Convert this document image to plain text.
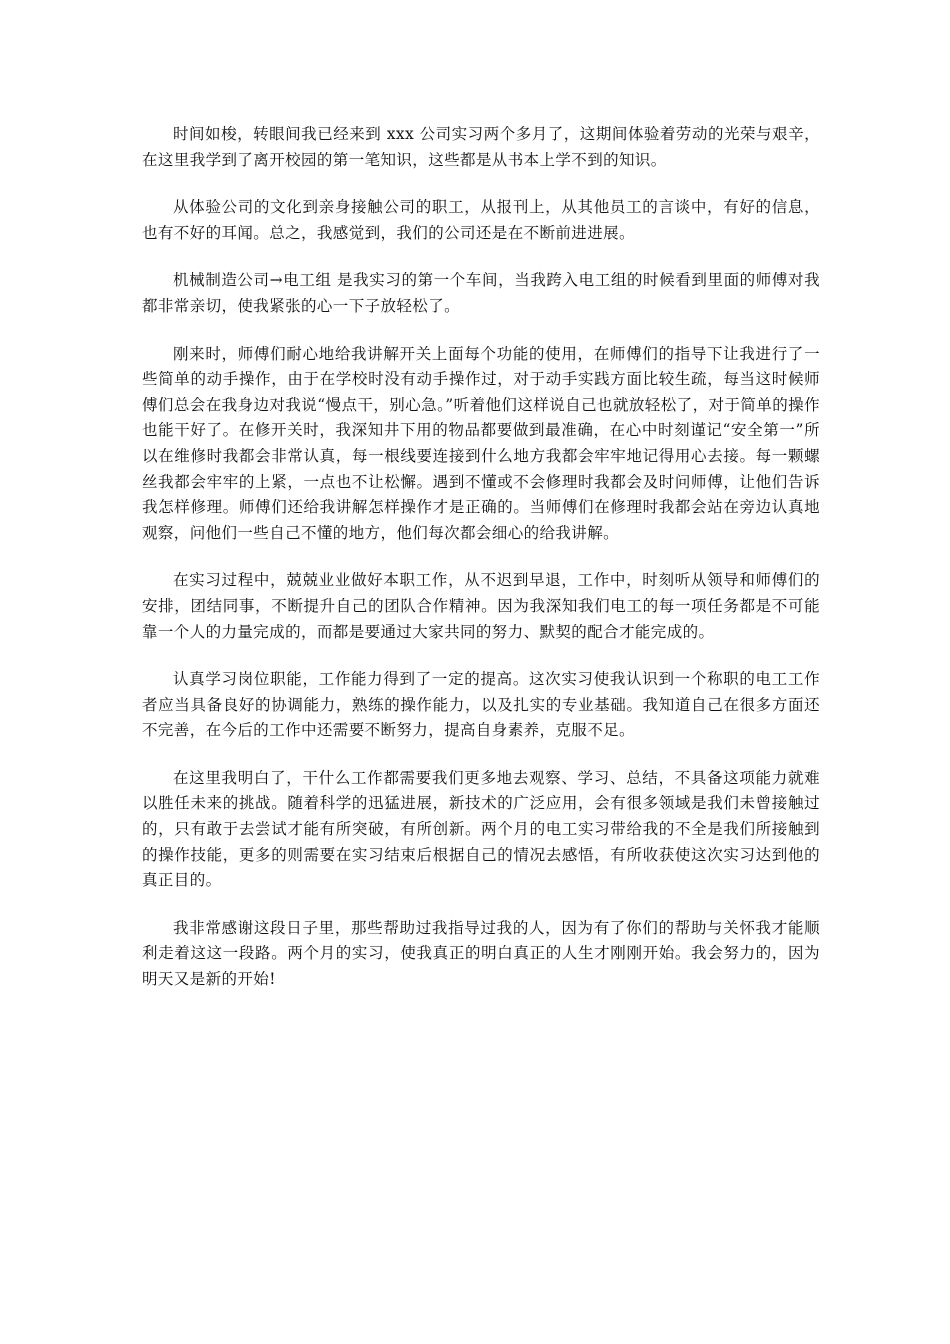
时间如梭，转眼间我已经来到 xxx 公司实习两个多月了，这期间体验着劳动的光荣与艰辛，在这里我学到了离开校园的第一笔知识，这些都是从书本上学不到的知识。

从体验公司的文化到亲身接触公司的职工，从报刊上，从其他员工的言谈中，有好的信息，也有不好的耳闻。总之，我感觉到，我们的公司还是在不断前进进展。

机械制造公司→电工组 是我实习的第一个车间，当我跨入电工组的时候看到里面的师傅对我都非常亲切，使我紧张的心一下子放轻松了。

刚来时，师傅们耐心地给我讲解开关上面每个功能的使用，在师傅们的指导下让我进行了一些简单的动手操作，由于在学校时没有动手操作过，对于动手实践方面比较生疏，每当这时候师傅们总会在我身边对我说“慢点干，别心急。”听着他们这样说自己也就放轻松了，对于简单的操作也能干好了。在修开关时，我深知井下用的物品都要做到最准确，在心中时刻谨记“安全第一”所以在维修时我都会非常认真，每一根线要连接到什么地方我都会牢牢地记得用心去接。每一颗螺丝我都会牢牢的上紧，一点也不让松懈。遇到不懂或不会修理时我都会及时问师傅，让他们告诉我怎样修理。师傅们还给我讲解怎样操作才是正确的。当师傅们在修理时我都会站在旁边认真地观察，问他们一些自己不懂的地方，他们每次都会细心的给我讲解。

在实习过程中，兢兢业业做好本职工作，从不迟到早退，工作中，时刻听从领导和师傅们的安排，团结同事，不断提升自己的团队合作精神。因为我深知我们电工的每一项任务都是不可能靠一个人的力量完成的，而都是要通过大家共同的努力、默契的配合才能完成的。

认真学习岗位职能，工作能力得到了一定的提高。这次实习使我认识到一个称职的电工工作者应当具备良好的协调能力，熟练的操作能力，以及扎实的专业基础。我知道自己在很多方面还不完善，在今后的工作中还需要不断努力，提高自身素养，克服不足。

在这里我明白了，干什么工作都需要我们更多地去观察、学习、总结，不具备这项能力就难以胜任未来的挑战。随着科学的迅猛进展，新技术的广泛应用，会有很多领域是我们未曾接触过的，只有敢于去尝试才能有所突破，有所创新。两个月的电工实习带给我的不全是我们所接触到的操作技能，更多的则需要在实习结束后根据自己的情况去感悟，有所收获使这次实习达到他的真正目的。

我非常感谢这段日子里，那些帮助过我指导过我的人，因为有了你们的帮助与关怀我才能顺利走着这这一段路。两个月的实习，使我真正的明白真正的人生才刚刚开始。我会努力的，因为明天又是新的开始!
